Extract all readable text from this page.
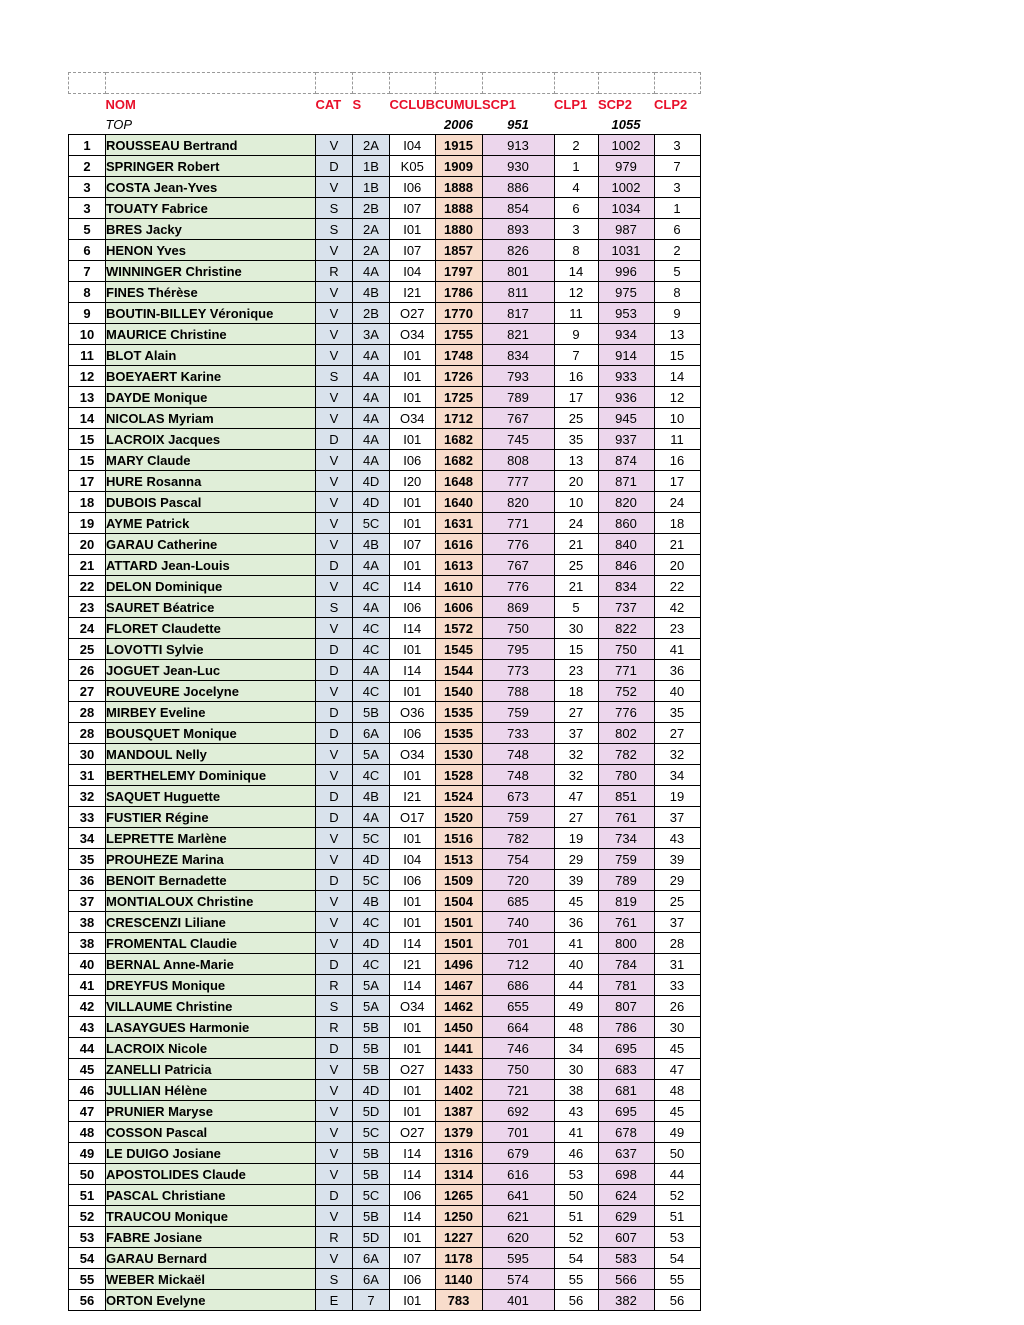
	NOM	CAT	S	CCLUB	CUMUL	SCP1	CLP1	SCP2	CLP2
	TOP				2006	951		1055	
1	ROUSSEAU Bertrand	V	2A	I04	1915	913	2	1002	3
2	SPRINGER Robert	D	1B	K05	1909	930	1	979	7
3	COSTA Jean-Yves	V	1B	I06	1888	886	4	1002	3
3	TOUATY Fabrice	S	2B	I07	1888	854	6	1034	1
5	BRES Jacky	S	2A	I01	1880	893	3	987	6
6	HENON Yves	V	2A	I07	1857	826	8	1031	2
7	WINNINGER Christine	R	4A	I04	1797	801	14	996	5
8	FINES Thérèse	V	4B	I21	1786	811	12	975	8
9	BOUTIN-BILLEY Véronique	V	2B	O27	1770	817	11	953	9
10	MAURICE Christine	V	3A	O34	1755	821	9	934	13
11	BLOT Alain	V	4A	I01	1748	834	7	914	15
12	BOEYAERT Karine	S	4A	I01	1726	793	16	933	14
13	DAYDE Monique	V	4A	I01	1725	789	17	936	12
14	NICOLAS Myriam	V	4A	O34	1712	767	25	945	10
15	LACROIX Jacques	D	4A	I01	1682	745	35	937	11
15	MARY Claude	V	4A	I06	1682	808	13	874	16
17	HURE Rosanna	V	4D	I20	1648	777	20	871	17
18	DUBOIS Pascal	V	4D	I01	1640	820	10	820	24
19	AYME Patrick	V	5C	I01	1631	771	24	860	18
20	GARAU Catherine	V	4B	I07	1616	776	21	840	21
21	ATTARD Jean-Louis	D	4A	I01	1613	767	25	846	20
22	DELON Dominique	V	4C	I14	1610	776	21	834	22
23	SAURET Béatrice	S	4A	I06	1606	869	5	737	42
24	FLORET Claudette	V	4C	I14	1572	750	30	822	23
25	LOVOTTI Sylvie	D	4C	I01	1545	795	15	750	41
26	JOGUET Jean-Luc	D	4A	I14	1544	773	23	771	36
27	ROUVEURE Jocelyne	V	4C	I01	1540	788	18	752	40
28	MIRBEY Eveline	D	5B	O36	1535	759	27	776	35
28	BOUSQUET Monique	D	6A	I06	1535	733	37	802	27
30	MANDOUL Nelly	V	5A	O34	1530	748	32	782	32
31	BERTHELEMY Dominique	V	4C	I01	1528	748	32	780	34
32	SAQUET Huguette	D	4B	I21	1524	673	47	851	19
33	FUSTIER Régine	D	4A	O17	1520	759	27	761	37
34	LEPRETTE Marlène	V	5C	I01	1516	782	19	734	43
35	PROUHEZE Marina	V	4D	I04	1513	754	29	759	39
36	BENOIT Bernadette	D	5C	I06	1509	720	39	789	29
37	MONTIALOUX Christine	V	4B	I01	1504	685	45	819	25
38	CRESCENZI Liliane	V	4C	I01	1501	740	36	761	37
38	FROMENTAL Claudie	V	4D	I14	1501	701	41	800	28
40	BERNAL Anne-Marie	D	4C	I21	1496	712	40	784	31
41	DREYFUS Monique	R	5A	I14	1467	686	44	781	33
42	VILLAUME Christine	S	5A	O34	1462	655	49	807	26
43	LASAYGUES Harmonie	R	5B	I01	1450	664	48	786	30
44	LACROIX Nicole	D	5B	I01	1441	746	34	695	45
45	ZANELLI Patricia	V	5B	O27	1433	750	30	683	47
46	JULLIAN Hélène	V	4D	I01	1402	721	38	681	48
47	PRUNIER Maryse	V	5D	I01	1387	692	43	695	45
48	COSSON Pascal	V	5C	O27	1379	701	41	678	49
49	LE DUIGO Josiane	V	5B	I14	1316	679	46	637	50
50	APOSTOLIDES Claude	V	5B	I14	1314	616	53	698	44
51	PASCAL Christiane	D	5C	I06	1265	641	50	624	52
52	TRAUCOU Monique	V	5B	I14	1250	621	51	629	51
53	FABRE Josiane	R	5D	I01	1227	620	52	607	53
54	GARAU Bernard	V	6A	I07	1178	595	54	583	54
55	WEBER Mickaël	S	6A	I06	1140	574	55	566	55
56	ORTON Evelyne	E	7	I01	783	401	56	382	56
